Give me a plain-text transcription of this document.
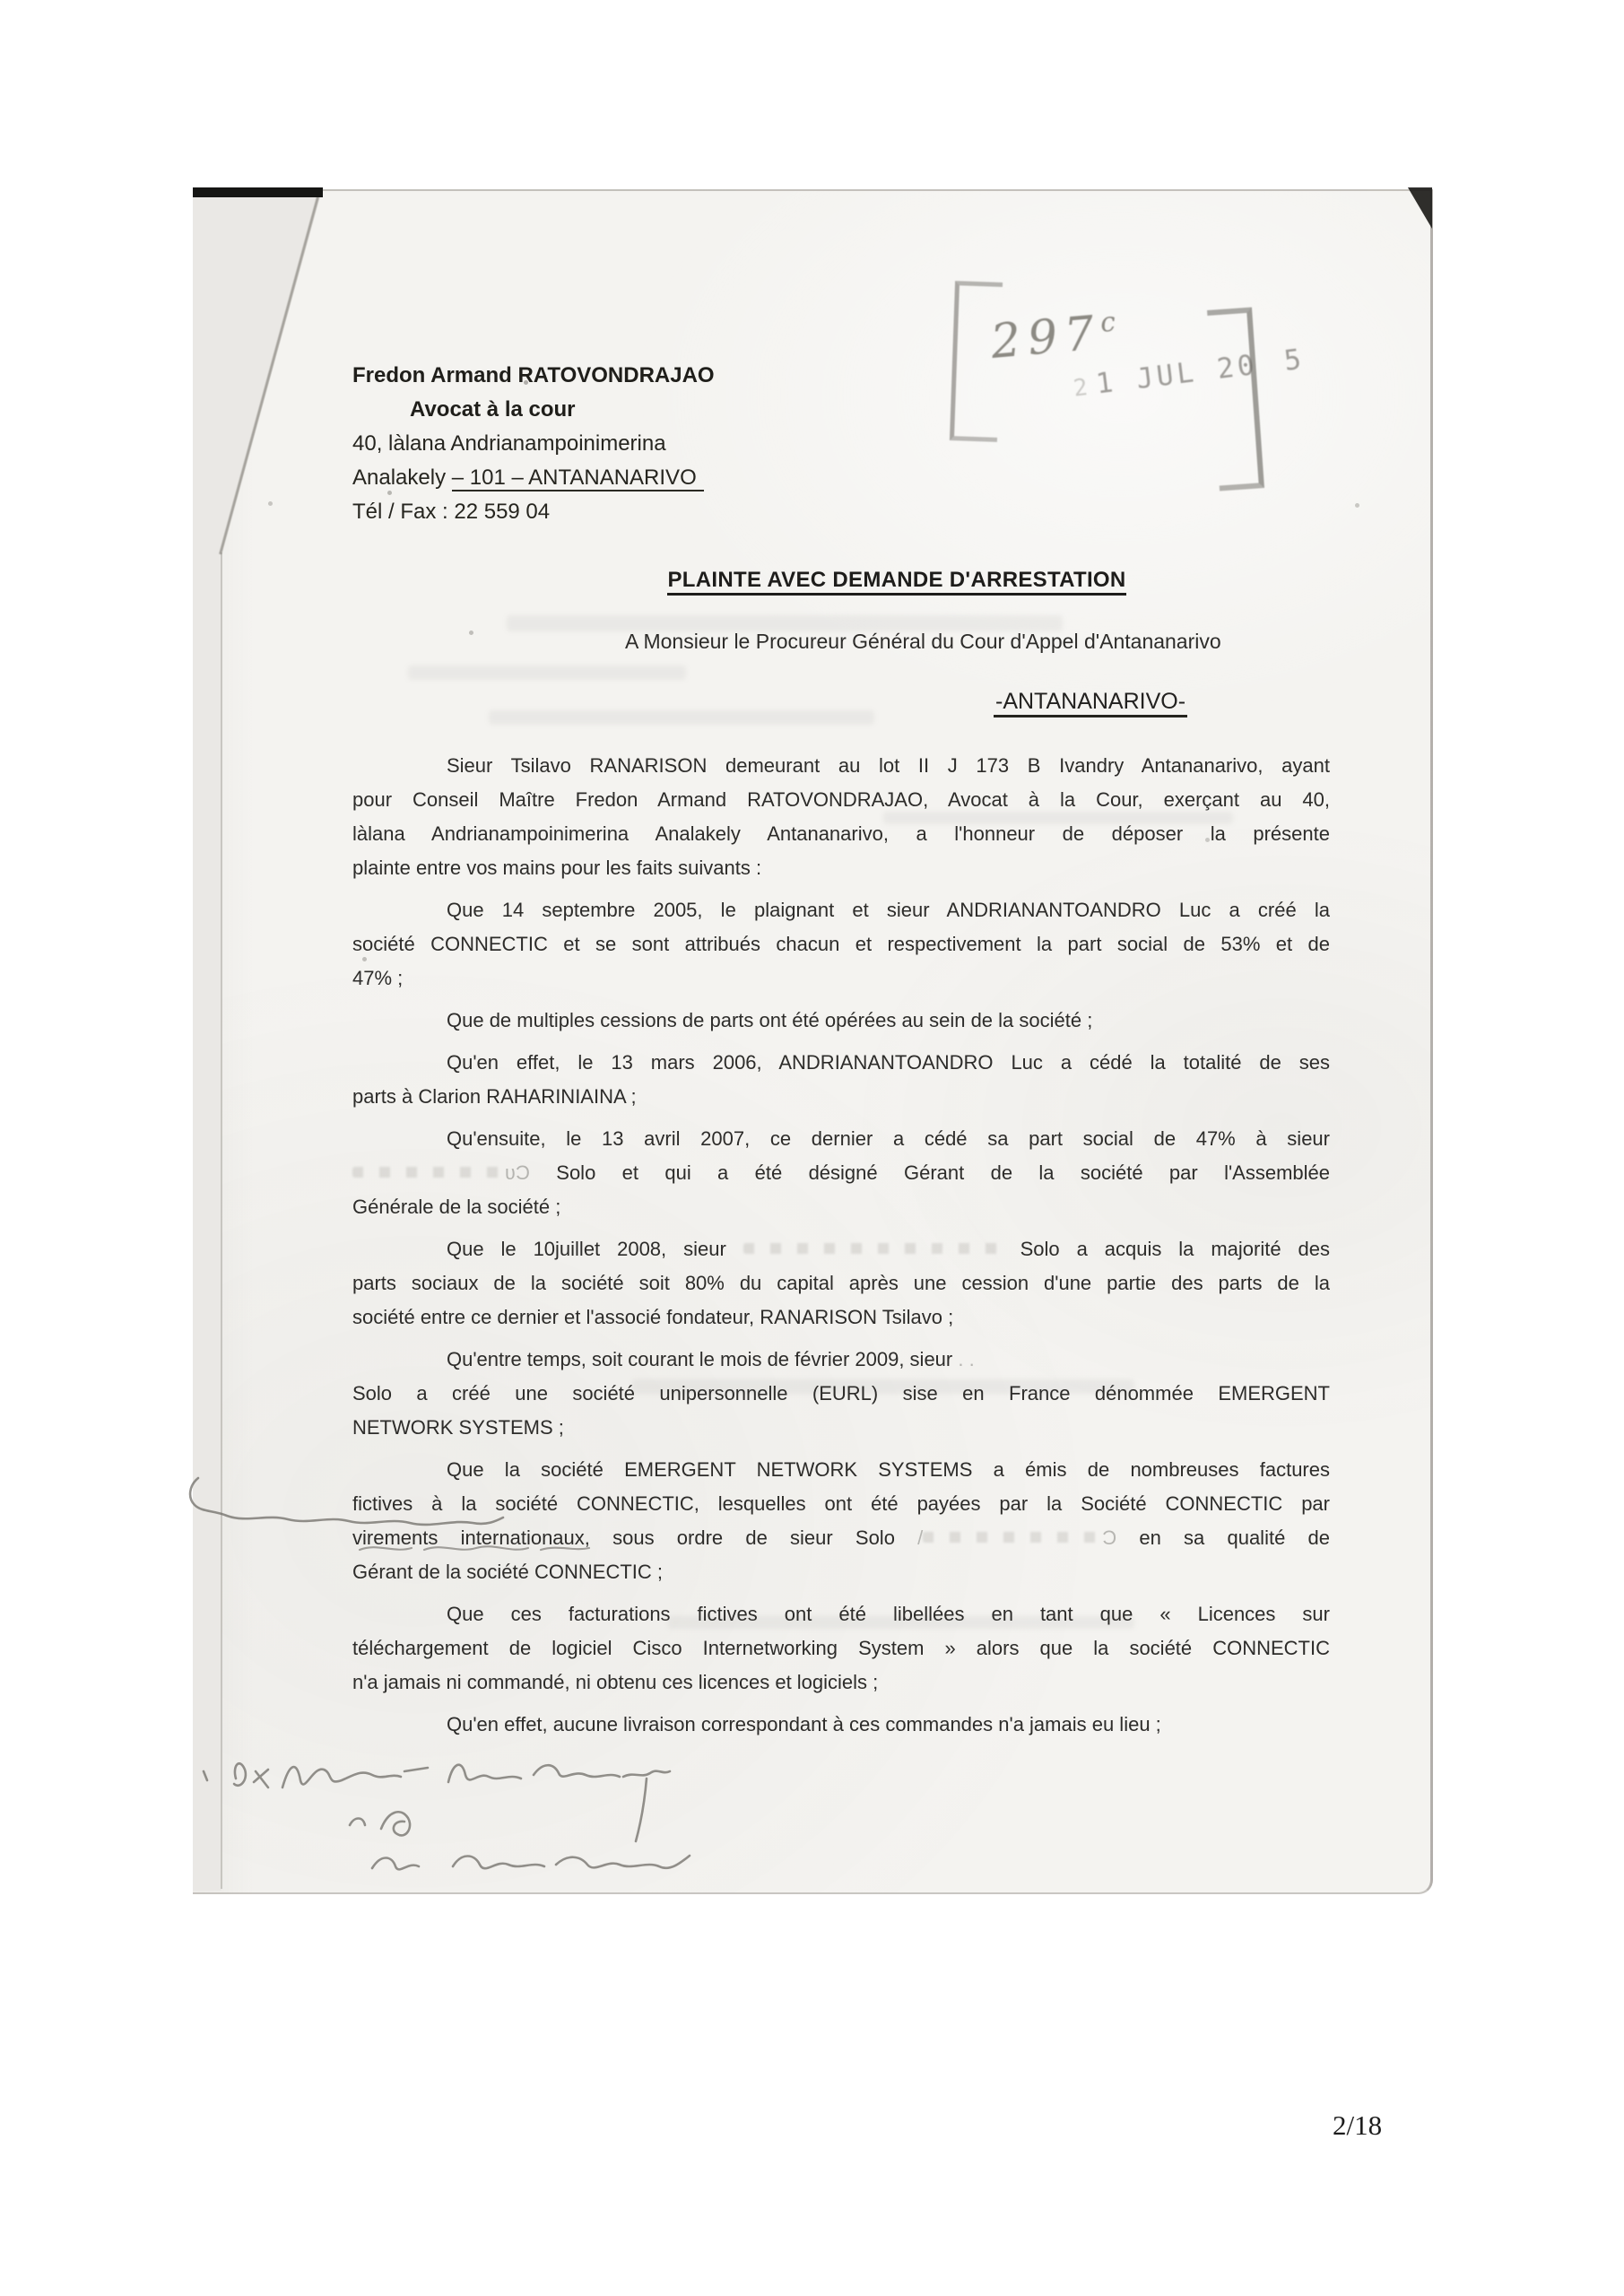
297$^c$
21 JUL 20 5
Fredon Armand RATOVONDRAJAO
Avocat à la cour
40, làlana Andrianampoinimerina
Analakely – 101 – ANTANANARIVO
Tél / Fax : 22 559 04
PLAINTE AVEC DEMANDE D'ARRESTATION
A Monsieur le Procureur Général du Cour d'Appel d'Antananarivo
-ANTANANARIVO-
Sieur Tsilavo RANARISON demeurant au lot II J 173 B Ivandry Antananarivo, ayant
pour Conseil Maître Fredon Armand RATOVONDRAJAO, Avocat à la Cour, exerçant au 40,
làlana Andrianampoinimerina Analakely Antananarivo, a l'honneur de déposer la présente
plainte entre vos mains pour les faits suivants :
Que 14 septembre 2005, le plaignant et sieur ANDRIANANTOANDRO Luc a créé la
société CONNECTIC et se sont attribués chacun et respectivement la part social de 53% et de
47% ;
Que de multiples cessions de parts ont été opérées au sein de la société ;
Qu'en effet, le 13 mars 2006, ANDRIANANTOANDRO Luc a cédé la totalité de ses
parts à Clarion RAHARINIAINA ;
Qu'ensuite, le 13 avril 2007, ce dernier a cédé sa part social de 47% à sieur
ʋƆ Solo et qui a été désigné Gérant de la société par l'Assemblée
Générale de la société ;
Que le 10juillet 2008, sieur	Solo a acquis la majorité des
parts sociaux de la société soit 80% du capital après une cession d'une partie des parts de la
société entre ce dernier et l'associé fondateur, RANARISON Tsilavo ;
Qu'entre temps, soit courant le mois de février 2009, sieur . .
Solo a créé une société unipersonnelle (EURL) sise en France dénommée EMERGENT
NETWORK SYSTEMS ;
Que la société EMERGENT NETWORK SYSTEMS a émis de nombreuses factures
fictives à la société CONNECTIC, lesquelles ont été payées par la Société CONNECTIC par
virements internationaux, sous ordre de sieur Solo /	Ɔ en sa qualité de
Gérant de la société CONNECTIC ;
Que ces facturations fictives ont été libellées en tant que « Licences sur
téléchargement de logiciel Cisco Internetworking System » alors que la société CONNECTIC
n'a jamais ni commandé, ni obtenu ces licences et logiciels ;
Qu'en effet, aucune livraison correspondant à ces commandes n'a jamais eu lieu ;
2/18
